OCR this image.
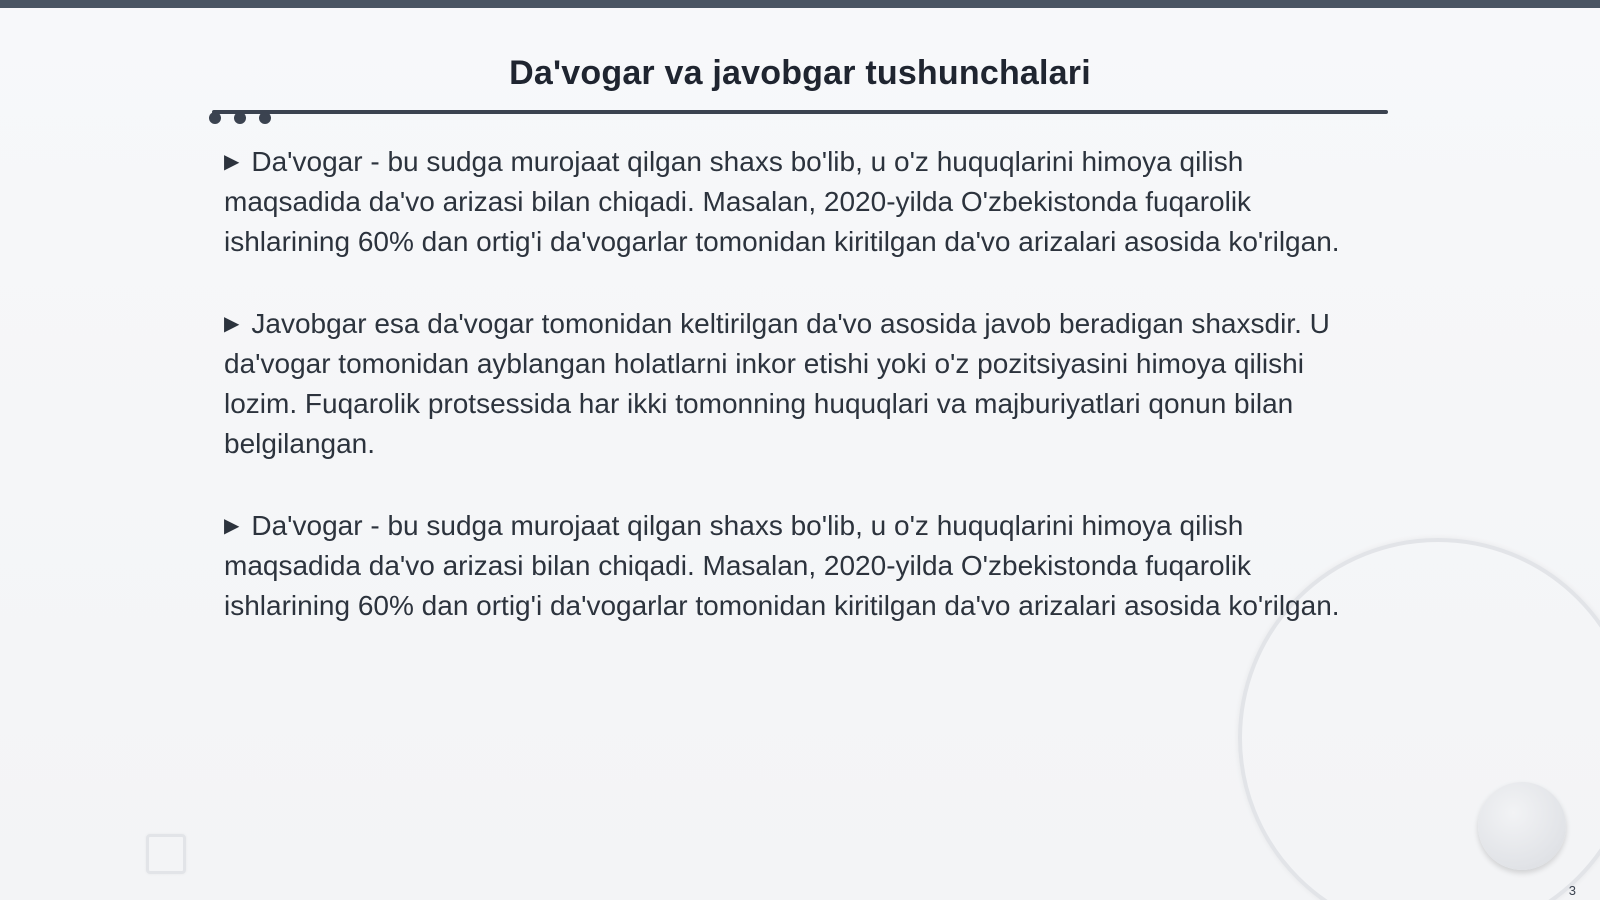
Da'vogar va javobgar tushunchalari

▶ Da'vogar - bu sudga murojaat qilgan shaxs bo'lib, u o'z huquqlarini himoya qilish maqsadida da'vo arizasi bilan chiqadi. Masalan, 2020-yilda O'zbekistonda fuqarolik ishlarining 60% dan ortig'i da'vogarlar tomonidan kiritilgan da'vo arizalari asosida ko'rilgan.

▶ Javobgar esa da'vogar tomonidan keltirilgan da'vo asosida javob beradigan shaxsdir. U da'vogar tomonidan ayblangan holatlarni inkor etishi yoki o'z pozitsiyasini himoya qilishi lozim. Fuqarolik protsessida har ikki tomonning huquqlari va majburiyatlari qonun bilan belgilangan.

▶ Da'vogar - bu sudga murojaat qilgan shaxs bo'lib, u o'z huquqlarini himoya qilish maqsadida da'vo arizasi bilan chiqadi. Masalan, 2020-yilda O'zbekistonda fuqarolik ishlarining 60% dan ortig'i da'vogarlar tomonidan kiritilgan da'vo arizalari asosida ko'rilgan.

3
